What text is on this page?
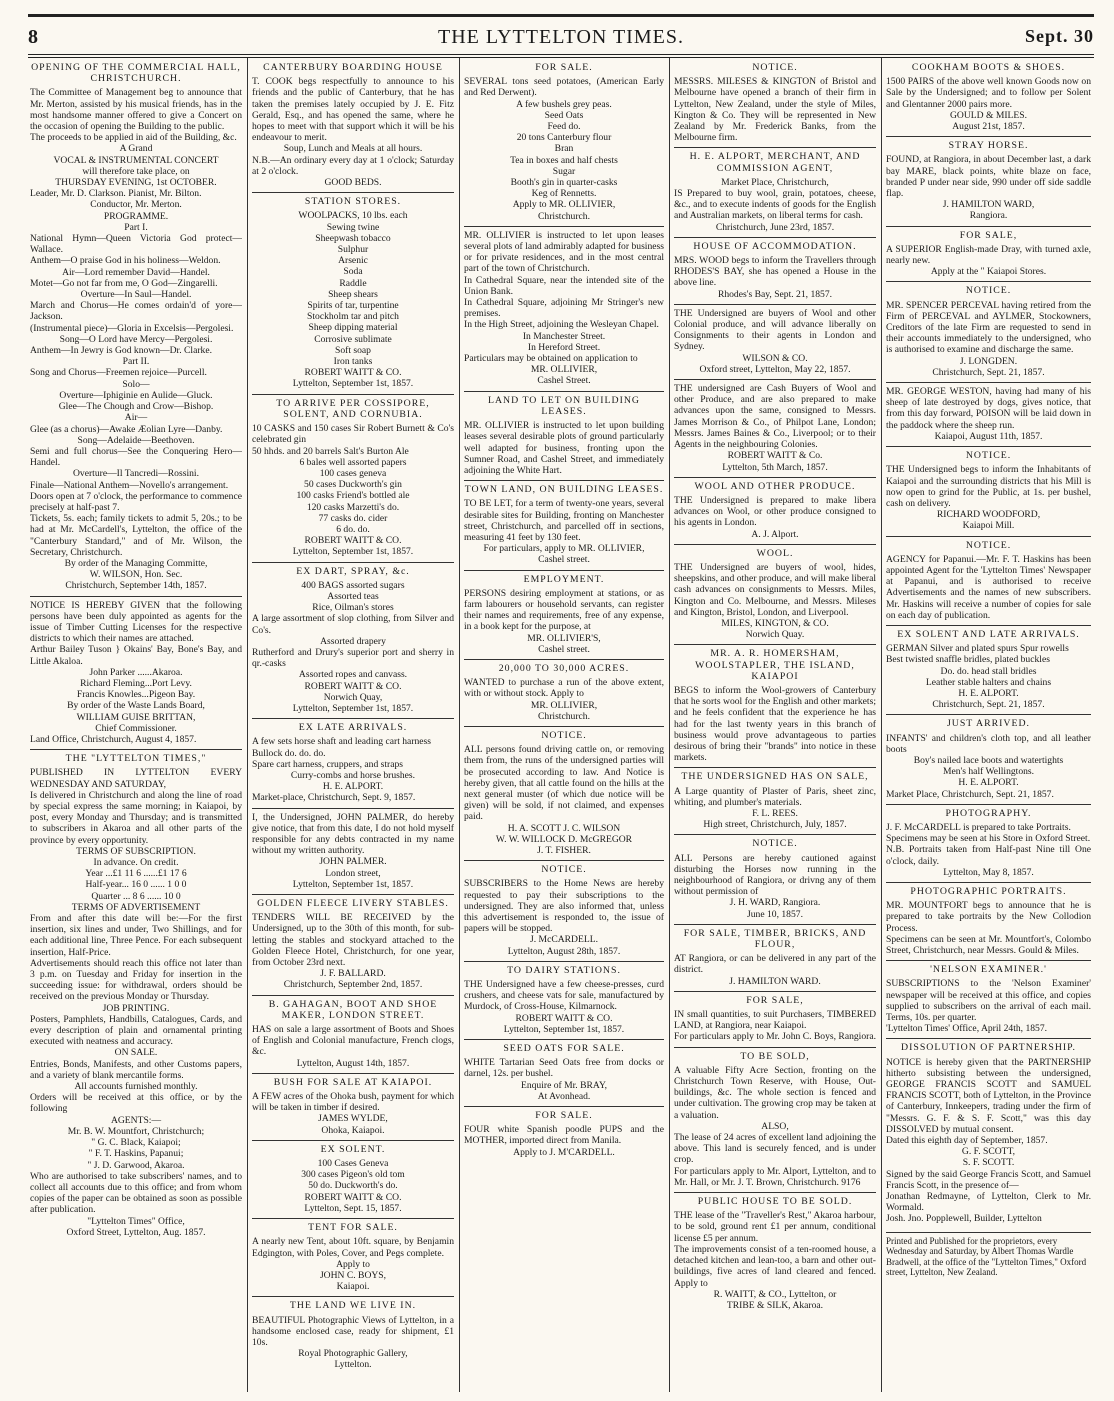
8	THE LYTTELTON TIMES.	Sept. 30
OPENING OF THE COMMERCIAL HALL, CHRISTCHURCH.

The Committee of Management beg to announce that Mr. Merton, assisted by his musical friends, has in the most handsome manner offered to give a Concert on the occasion of opening the Building to the public.

The proceeds to be applied in aid of the Building, &c.

A Grand

VOCAL & INSTRUMENTAL CONCERT

will therefore take place, on

THURSDAY EVENING, 1st OCTOBER.

Leader, Mr. D. Clarkson. Pianist, Mr. Bilton.

Conductor, Mr. Merton.

PROGRAMME.

Part I.

National Hymn—Queen Victoria God protect—Wallace.

Anthem—O praise God in his holiness—Weldon.

Air—Lord remember David—Handel.

Motet—Go not far from me, O God—Zingarelli.

Overture—In Saul—Handel.

March and Chorus—He comes ordain'd of yore—Jackson.

(Instrumental piece)—Gloria in Excelsis—Pergolesi.

Song—O Lord have Mercy—Pergolesi.

Anthem—In Jewry is God known—Dr. Clarke.

Part II.

Song and Chorus—Freemen rejoice—Purcell.

Solo—

Overture—Iphiginie en Aulide—Gluck.

Glee—The Chough and Crow—Bishop.

Air—

Glee (as a chorus)—Awake Æolian Lyre—Danby.

Song—Adelaide—Beethoven.

Semi and full chorus—See the Conquering Hero—Handel.

Overture—Il Tancredi—Rossini.

Finale—National Anthem—Novello's arrangement.

Doors open at 7 o'clock, the performance to commence precisely at half-past 7.

Tickets, 5s. each; family tickets to admit 5, 20s.; to be had at Mr. McCardell's, Lyttelton, the office of the "Canterbury Standard," and of Mr. Wilson, the Secretary, Christchurch.

By order of the Managing Committe,

W. WILSON, Hon. Sec.

Christchurch, September 14th, 1857.

NOTICE IS HEREBY GIVEN that the following persons have been duly appointed as agents for the issue of Timber Cutting Licenses for the respective districts to which their names are attached.

Arthur Bailey Tuson } Okains' Bay, Bone's Bay, and Little Akaloa.

John Parker ......Akaroa.

Richard Fleming...Port Levy.

Francis Knowles...Pigeon Bay.

By order of the Waste Lands Board,

WILLIAM GUISE BRITTAN,

Chief Commissioner.

Land Office, Christchurch, August 4, 1857.

THE "LYTTELTON TIMES,"

PUBLISHED IN LYTTELTON EVERY WEDNESDAY AND SATURDAY,

Is delivered in Christchurch and along the line of road by special express the same morning; in Kaiapoi, by post, every Monday and Thursday; and is transmitted to subscribers in Akaroa and all other parts of the province by every opportunity.

TERMS OF SUBSCRIPTION.

In advance. On credit.

Year ...£1 11 6 ......£1 17 6

Half-year... 16 0 ...... 1 0 0

Quarter ... 8 6 ...... 10 0

TERMS OF ADVERTISEMENT

From and after this date will be:—For the first insertion, six lines and under, Two Shillings, and for each additional line, Three Pence. For each subsequent insertion, Half-Price.

Advertisements should reach this office not later than 3 p.m. on Tuesday and Friday for insertion in the succeeding issue: for withdrawal, orders should be received on the previous Monday or Thursday.

JOB PRINTING.

Posters, Pamphlets, Handbills, Catalogues, Cards, and every description of plain and ornamental printing executed with neatness and accuracy.

ON SALE.

Entries, Bonds, Manifests, and other Customs papers, and a variety of blank mercantile forms.

All accounts furnished monthly.

Orders will be received at this office, or by the following

AGENTS:—

Mr. B. W. Mountfort, Christchurch;

" G. C. Black, Kaiapoi;

" F. T. Haskins, Papanui;

" J. D. Garwood, Akaroa.

Who are authorised to take subscribers' names, and to collect all accounts due to this office; and from whom copies of the paper can be obtained as soon as possible after publication.

"Lyttelton Times" Office,

Oxford Street, Lyttelton, Aug. 1857.

CANTERBURY BOARDING HOUSE

T. COOK begs respectfully to announce to his friends and the public of Canterbury, that he has taken the premises lately occupied by J. E. Fitz Gerald, Esq., and has opened the same, where he hopes to meet with that support which it will be his endeavour to merit.

Soup, Lunch and Meals at all hours.

N.B.—An ordinary every day at 1 o'clock; Saturday at 2 o'clock.

GOOD BEDS.

STATION STORES.

WOOLPACKS, 10 lbs. each

Sewing twine

Sheepwash tobacco

Sulphur

Arsenic

Soda

Raddle

Sheep shears

Spirits of tar, turpentine

Stockholm tar and pitch

Sheep dipping material

Corrosive sublimate

Soft soap

Iron tanks

ROBERT WAITT & CO.

Lyttelton, September 1st, 1857.

TO ARRIVE PER COSSIPORE, SOLENT, AND CORNUBIA.

10 CASKS and 150 cases Sir Robert Burnett & Co's celebrated gin

50 hhds. and 20 barrels Salt's Burton Ale

6 bales well assorted papers

100 cases geneva

50 cases Duckworth's gin

100 casks Friend's bottled ale

120 casks Marzetti's do.

77 casks do. cider

6 do. do.

ROBERT WAITT & CO.

Lyttelton, September 1st, 1857.

EX DART, SPRAY, &c.

400 BAGS assorted sugars

Assorted teas

Rice, Oilman's stores

A large assortment of slop clothing, from Silver and Co's.

Assorted drapery

Rutherford and Drury's superior port and sherry in qr.-casks

Assorted ropes and canvass.

ROBERT WAITT & CO.

Norwich Quay,

Lyttelton, September 1st, 1857.

EX LATE ARRIVALS.

A few sets horse shaft and leading cart harness

Bullock do. do. do.

Spare cart harness, cruppers, and straps

Curry-combs and horse brushes.

H. E. ALPORT.

Market-place, Christchurch, Sept. 9, 1857.

I, the Undersigned, JOHN PALMER, do hereby give notice, that from this date, I do not hold myself responsible for any debts contracted in my name without my written authority.

JOHN PALMER.

London street,

Lyttelton, September 1st, 1857.

GOLDEN FLEECE LIVERY STABLES.

TENDERS WILL BE RECEIVED by the Undersigned, up to the 30th of this month, for sub-letting the stables and stockyard attached to the Golden Fleece Hotel, Christchurch, for one year, from October 23rd next.

J. F. BALLARD.

Christchurch, September 2nd, 1857.

B. GAHAGAN, BOOT AND SHOE MAKER, LONDON STREET.

HAS on sale a large assortment of Boots and Shoes of English and Colonial manufacture, French clogs, &c.

Lyttelton, August 14th, 1857.

BUSH FOR SALE AT KAIAPOI.

A FEW acres of the Ohoka bush, payment for which will be taken in timber if desired.

JAMES WYLDE,

Ohoka, Kaiapoi.

EX SOLENT.

100 Cases Geneva

300 cases Pigeon's old tom

50 do. Duckworth's do.

ROBERT WAITT & CO.

Lyttelton, Sept. 15, 1857.

TENT FOR SALE.

A nearly new Tent, about 10ft. square, by Benjamin Edgington, with Poles, Cover, and Pegs complete.

Apply to

JOHN C. BOYS,

Kaiapoi.

THE LAND WE LIVE IN.

BEAUTIFUL Photographic Views of Lyttelton, in a handsome enclosed case, ready for shipment, £1 10s.

Royal Photographic Gallery,

Lyttelton.

FOR SALE.

SEVERAL tons seed potatoes, (American Early and Red Derwent).

A few bushels grey peas.

Seed Oats

Feed do.

20 tons Canterbury flour

Bran

Tea in boxes and half chests

Sugar

Booth's gin in quarter-casks

Keg of Rennetts.

Apply to MR. OLLIVIER,

Christchurch.

MR. OLLIVIER is instructed to let upon leases several plots of land admirably adapted for business or for private residences, and in the most central part of the town of Christchurch.

In Cathedral Square, near the intended site of the Union Bank.

In Cathedral Square, adjoining Mr Stringer's new premises.

In the High Street, adjoining the Wesleyan Chapel.

In Manchester Street.

In Hereford Street.

Particulars may be obtained on application to

MR. OLLIVIER,

Cashel Street.

LAND TO LET ON BUILDING LEASES.

MR. OLLIVIER is instructed to let upon building leases several desirable plots of ground particularly well adapted for business, fronting upon the Sumner Road, and Cashel Street, and immediately adjoining the White Hart.

TOWN LAND, ON BUILDING LEASES.

TO BE LET, for a term of twenty-one years, several desirable sites for Building, fronting on Manchester street, Christchurch, and parcelled off in sections, measuring 41 feet by 130 feet.

For particulars, apply to MR. OLLIVIER,

Cashel street.

EMPLOYMENT.

PERSONS desiring employment at stations, or as farm labourers or household servants, can register their names and requirements, free of any expense, in a book kept for the purpose, at

MR. OLLIVIER'S,

Cashel street.

20,000 TO 30,000 ACRES.

WANTED to purchase a run of the above extent, with or without stock. Apply to

MR. OLLIVIER,

Christchurch.

NOTICE.

ALL persons found driving cattle on, or removing them from, the runs of the undersigned parties will be prosecuted according to law. And Notice is hereby given, that all cattle found on the hills at the next general muster (of which due notice will be given) will be sold, if not claimed, and expenses paid.

H. A. SCOTT J. C. WILSON

W. W. WILLOCK D. McGREGOR

J. T. FISHER.

NOTICE.

SUBSCRIBERS to the Home News are hereby requested to pay their subscriptions to the undersigned. They are also informed that, unless this advertisement is responded to, the issue of papers will be stopped.

J. McCARDELL.

Lyttelton, August 28th, 1857.

TO DAIRY STATIONS.

THE Undersigned have a few cheese-presses, curd crushers, and cheese vats for sale, manufactured by Murdock, of Cross-House, Kilmarnock.

ROBERT WAITT & CO.

Lyttelton, September 1st, 1857.

SEED OATS FOR SALE.

WHITE Tartarian Seed Oats free from docks or darnel, 12s. per bushel.

Enquire of Mr. BRAY,

At Avonhead.

FOR SALE.

FOUR white Spanish poodle PUPS and the MOTHER, imported direct from Manila.

Apply to J. M'CARDELL.

NOTICE.

MESSRS. MILESES & KINGTON of Bristol and Melbourne have opened a branch of their firm in Lyttelton, New Zealand, under the style of Miles, Kington & Co. They will be represented in New Zealand by Mr. Frederick Banks, from the Melbourne firm.

H. E. ALPORT, MERCHANT, AND COMMISSION AGENT,

Market Place, Christchurch,

IS Prepared to buy wool, grain, potatoes, cheese, &c., and to execute indents of goods for the English and Australian markets, on liberal terms for cash.

Christchurch, June 23rd, 1857.

HOUSE OF ACCOMMODATION.

MRS. WOOD begs to inform the Travellers through RHODES'S BAY, she has opened a House in the above line.

Rhodes's Bay, Sept. 21, 1857.

THE Undersigned are buyers of Wool and other Colonial produce, and will advance liberally on Consignments to their agents in London and Sydney.

WILSON & CO.

Oxford street, Lyttelton, May 22, 1857.

THE undersigned are Cash Buyers of Wool and other Produce, and are also prepared to make advances upon the same, consigned to Messrs. James Morrison & Co., of Philpot Lane, London; Messrs. James Baines & Co., Liverpool; or to their Agents in the neighbouring Colonies.

ROBERT WAITT & Co.

Lyttelton, 5th March, 1857.

WOOL AND OTHER PRODUCE.

THE Undersigned is prepared to make libera advances on Wool, or other produce consigned to his agents in London.

A. J. Alport.

WOOL.

THE Undersigned are buyers of wool, hides, sheepskins, and other produce, and will make liberal cash advances on consignments to Messrs. Miles, Kington and Co. Melbourne, and Messrs. Mileses and Kington, Bristol, London, and Liverpool.

MILES, KINGTON, & CO.

Norwich Quay.

MR. A. R. HOMERSHAM, WOOLSTAPLER, THE ISLAND, KAIAPOI

BEGS to inform the Wool-growers of Canterbury that he sorts wool for the English and other markets; and he feels confident that the experience he has had for the last twenty years in this branch of business would prove advantageous to parties desirous of bring their "brands" into notice in these markets.

THE UNDERSIGNED HAS ON SALE,

A Large quantity of Plaster of Paris, sheet zinc, whiting, and plumber's materials.

F. L. REES.

High street, Christchurch, July, 1857.

NOTICE.

ALL Persons are hereby cautioned against disturbing the Horses now running in the neighbourhood of Rangiora, or drivng any of them without permission of

J. H. WARD, Rangiora.

June 10, 1857.

FOR SALE, TIMBER, BRICKS, AND FLOUR,

AT Rangiora, or can be delivered in any part of the district.

J. HAMILTON WARD.

FOR SALE,

IN small quantities, to suit Purchasers, TIMBERED LAND, at Rangiora, near Kaiapoi.

For particulars apply to Mr. John C. Boys, Rangiora.

TO BE SOLD,

A valuable Fifty Acre Section, fronting on the Christchurch Town Reserve, with House, Out-buildings, &c. The whole section is fenced and under cultivation. The growing crop may be taken at a valuation.

ALSO,

The lease of 24 acres of excellent land adjoining the above. This land is securely fenced, and is under crop.

For particulars apply to Mr. Alport, Lyttelton, and to Mr. Hall, or Mr. J. T. Brown, Christchurch. 9176

PUBLIC HOUSE TO BE SOLD.

THE lease of the "Traveller's Rest," Akaroa harbour, to be sold, ground rent £1 per annum, conditional license £5 per annum.

The improvements consist of a ten-roomed house, a detached kitchen and lean-too, a barn and other out-buildings, five acres of land cleared and fenced. Apply to

R. WAITT, & CO., Lyttelton, or

TRIBE & SILK, Akaroa.

COOKHAM BOOTS & SHOES.

1500 PAIRS of the above well known Goods now on Sale by the Undersigned; and to follow per Solent and Glentanner 2000 pairs more.

GOULD & MILES.

August 21st, 1857.

STRAY HORSE.

FOUND, at Rangiora, in about December last, a dark bay MARE, black points, white blaze on face, branded P under near side, 990 under off side saddle flap.

J. HAMILTON WARD,

Rangiora.

FOR SALE,

A SUPERIOR English-made Dray, with turned axle, nearly new.

Apply at the " Kaiapoi Stores.

NOTICE.

MR. SPENCER PERCEVAL having retired from the Firm of PERCEVAL and AYLMER, Stockowners, Creditors of the late Firm are requested to send in their accounts immediately to the undersigned, who is authorised to examine and discharge the same.

J. LONGDEN.

Christchurch, Sept. 21, 1857.

MR. GEORGE WESTON, having had many of his sheep of late destroyed by dogs, gives notice, that from this day forward, POISON will be laid down in the paddock where the sheep run.

Kaiapoi, August 11th, 1857.

NOTICE.

THE Undersigned begs to inform the Inhabitants of Kaiapoi and the surrounding districts that his Mill is now open to grind for the Public, at 1s. per bushel, cash on delivery.

RICHARD WOODFORD,

Kaiapoi Mill.

NOTICE.

AGENCY for Papanui.—Mr. F. T. Haskins has been appointed Agent for the 'Lyttelton Times' Newspaper at Papanui, and is authorised to receive Advertisements and the names of new subscribers. Mr. Haskins will receive a number of copies for sale on each day of publication.

EX SOLENT AND LATE ARRIVALS.

GERMAN Silver and plated spurs Spur rowells

Best twisted snaffle bridles, plated buckles

Do. do. head stall bridles

Leather stable halters and chains

H. E. ALPORT.

Christchurch, Sept. 21, 1857.

JUST ARRIVED.

INFANTS' and children's cloth top, and all leather boots

Boy's nailed lace boots and watertights

Men's half Wellingtons.

H. E. ALPORT.

Market Place, Christchurch, Sept. 21, 1857.

PHOTOGRAPHY.

J. F. McCARDELL is prepared to take Portraits.

Specimens may be seen at his Store in Oxford Street.

N.B. Portraits taken from Half-past Nine till One o'clock, daily.

Lyttelton, May 8, 1857.

PHOTOGRAPHIC PORTRAITS.

MR. MOUNTFORT begs to announce that he is prepared to take portraits by the New Collodion Process.

Specimens can be seen at Mr. Mountfort's, Colombo Street, Christchurch, near Messrs. Gould & Miles.

'NELSON EXAMINER.'

SUBSCRIPTIONS to the 'Nelson Examiner' newspaper will be received at this office, and copies supplied to subscribers on the arrival of each mail. Terms, 10s. per quarter.

'Lyttelton Times' Office, April 24th, 1857.

DISSOLUTION OF PARTNERSHIP.

NOTICE is hereby given that the PARTNERSHIP hitherto subsisting between the undersigned, GEORGE FRANCIS SCOTT and SAMUEL FRANCIS SCOTT, both of Lyttelton, in the Province of Canterbury, Innkeepers, trading under the firm of "Messrs. G. F. & S. F. Scott," was this day DISSOLVED by mutual consent.

Dated this eighth day of September, 1857.

G. F. SCOTT,

S. F. SCOTT.

Signed by the said George Francis Scott, and Samuel Francis Scott, in the presence of—

Jonathan Redmayne, of Lyttelton, Clerk to Mr. Wormald.

Josh. Jno. Popplewell, Builder, Lyttelton

Printed and Published for the proprietors, every Wednesday and Saturday, by Albert Thomas Wardle Bradwell, at the office of the "Lyttelton Times," Oxford street, Lyttelton, New Zealand.
